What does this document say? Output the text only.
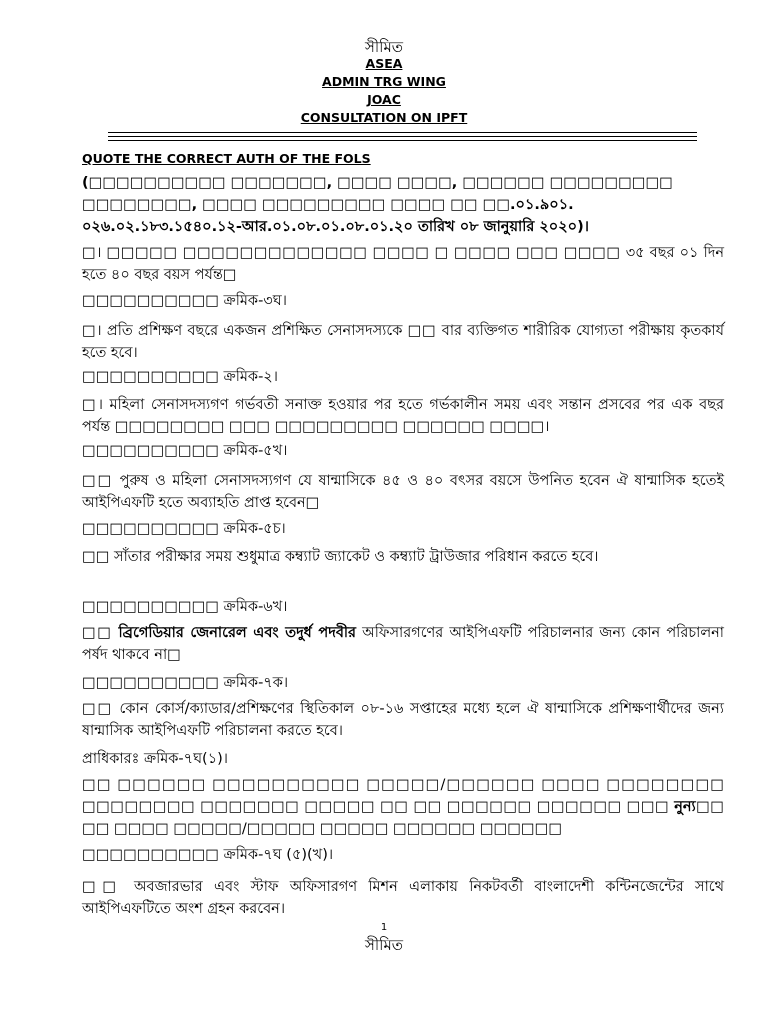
সীমিত
ASEA
ADMIN TRG WING
JOAC
CONSULTATION ON IPFT
QUOTE THE CORRECT AUTH OF THE FOLS
(□□□□□□□□□□ □□□□□□□, □□□□ □□□□, □□□□□□ □□□□□□□□□
□□□□□□□□, □□□□ □□□□□□□□□ □□□□ □□ □□.০১.৯০১.
০২৬.০২.১৮৩.১৫৪০.১২-আর.০১.০৮.০১.০৮.০১.২০ তারিখ ০৮ জানুয়ারি ২০২০)।
□। □□□□□ □□□□□□□□□□□□□ □□□□ □ □□□□ □□□ □□□□ ৩৫ বছর ০১ দিন হতে ৪০ বছর বয়স পর্যন্ত□
□□□□□□□□□□ ক্রমিক-৩ঘ।
□। প্রতি প্রশিক্ষণ বছরে একজন প্রশিক্ষিত সেনাসদস্যকে □□ বার ব্যক্তিগত শারীরিক যোগ্যতা পরীক্ষায় কৃতকার্য হতে হবে।
□□□□□□□□□□ ক্রমিক-২।
□। মহিলা সেনাসদস্যগণ গর্ভবতী সনাক্ত হওয়ার পর হতে গর্ভকালীন সময় এবং সন্তান প্রসবের পর এক বছর পর্যন্ত □□□□□□□□ □□□ □□□□□□□□□ □□□□□□ □□□□।
□□□□□□□□□□ ক্রমিক-৫খ।
□□ পুরুষ ও মহিলা সেনাসদস্যগণ যে ষান্মাসিকে ৪৫ ও ৪০ বৎসর বয়সে উপনিত হবেন ঐ ষান্মাসিক হতেই আইপিএফটি হতে অব্যাহতি প্রাপ্ত হবেন□
□□□□□□□□□□ ক্রমিক-৫চ।
□□ সাঁতার পরীক্ষার সময় শুধুমাত্র কম্ব্যাট জ্যাকেট ও কম্ব্যাট ট্রাউজার পরিধান করতে হবে।
□□□□□□□□□□ ক্রমিক-৬খ।
□□ ব্রিগেডিয়ার জেনারেল এবং তদুর্ধ পদবীর অফিসারগণের আইপিএফটি পরিচালনার জন্য কোন পরিচালনা পর্ষদ থাকবে না□
□□□□□□□□□□ ক্রমিক-৭ক।
□□ কোন কোর্স/ক্যাডার/প্রশিক্ষণের স্থিতিকাল ০৮-১৬ সপ্তাহের মধ্যে হলে ঐ ষান্মাসিকে প্রশিক্ষণার্থীদের জন্য ষান্মাসিক আইপিএফটি পরিচালনা করতে হবে।
প্রাধিকারঃ ক্রমিক-৭ঘ(১)।
□□ □□□□□□ □□□□□□□□□□ □□□□□/□□□□□□ □□□□ □□□□□□□□ □□□□□□□□ □□□□□□□ □□□□□ □□ □□ □□□□□□ □□□□□□ □□□ নুন্য□□ □□ □□□□ □□□□□/□□□□□ □□□□□ □□□□□□ □□□□□□
□□□□□□□□□□ ক্রমিক-৭ঘ (৫)(খ)।
□□ অবজারভার এবং স্টাফ অফিসারগণ মিশন এলাকায় নিকটবর্তী বাংলাদেশী কন্টিনজেন্টের সাথে আইপিএফটিতে অংশ গ্রহন করবেন।
1
সীমিত
